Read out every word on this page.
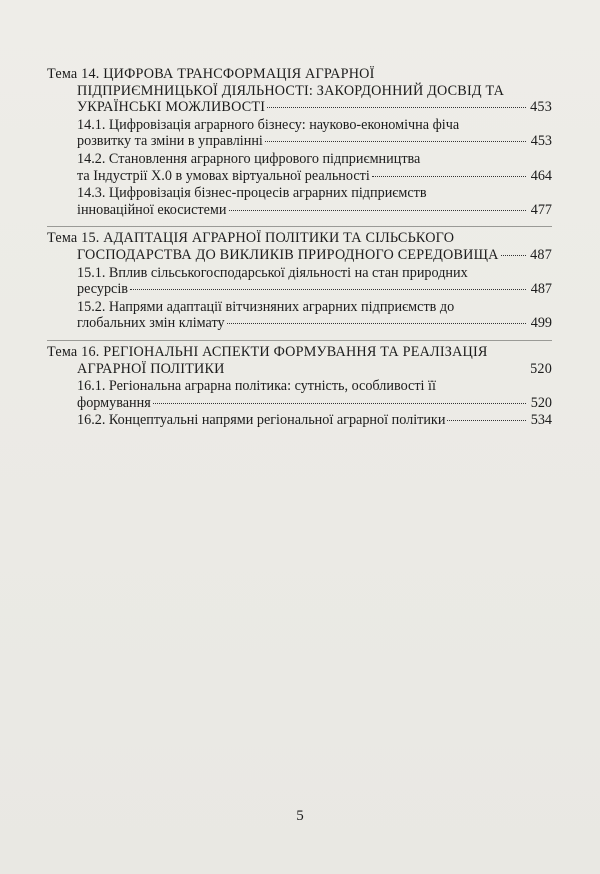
Тема 14. ЦИФРОВА ТРАНСФОРМАЦІЯ АГРАРНОЇ
ПІДПРИЄМНИЦЬКОЇ ДІЯЛЬНОСТІ: ЗАКОРДОННИЙ ДОСВІД ТА
УКРАЇНСЬКІ МОЖЛИВОСТІ	453
14.1. Цифровізація аграрного бізнесу: науково-економічна фіча
розвитку та зміни в управлінні	453
14.2. Становлення аграрного цифрового підприємництва
та Індустрії Х.0 в умовах віртуальної реальності	464
14.3. Цифровізація бізнес-процесів аграрних підприємств
інноваційної екосистеми	477
Тема 15. АДАПТАЦІЯ АГРАРНОЇ ПОЛІТИКИ ТА СІЛЬСЬКОГО
ГОСПОДАРСТВА ДО ВИКЛИКІВ ПРИРОДНОГО СЕРЕДОВИЩА 487
15.1. Вплив сільськогосподарської діяльності на стан природних
ресурсів	487
15.2. Напрями адаптації вітчизняних аграрних підприємств до
глобальних змін клімату	499
Тема 16. РЕГІОНАЛЬНІ АСПЕКТИ ФОРМУВАННЯ ТА РЕАЛІЗАЦІЯ
АГРАРНОЇ ПОЛІТИКИ	520
16.1. Регіональна аграрна політика: сутність, особливості її
формування	520
16.2. Концептуальні напрями регіональної аграрної політики	534
5
